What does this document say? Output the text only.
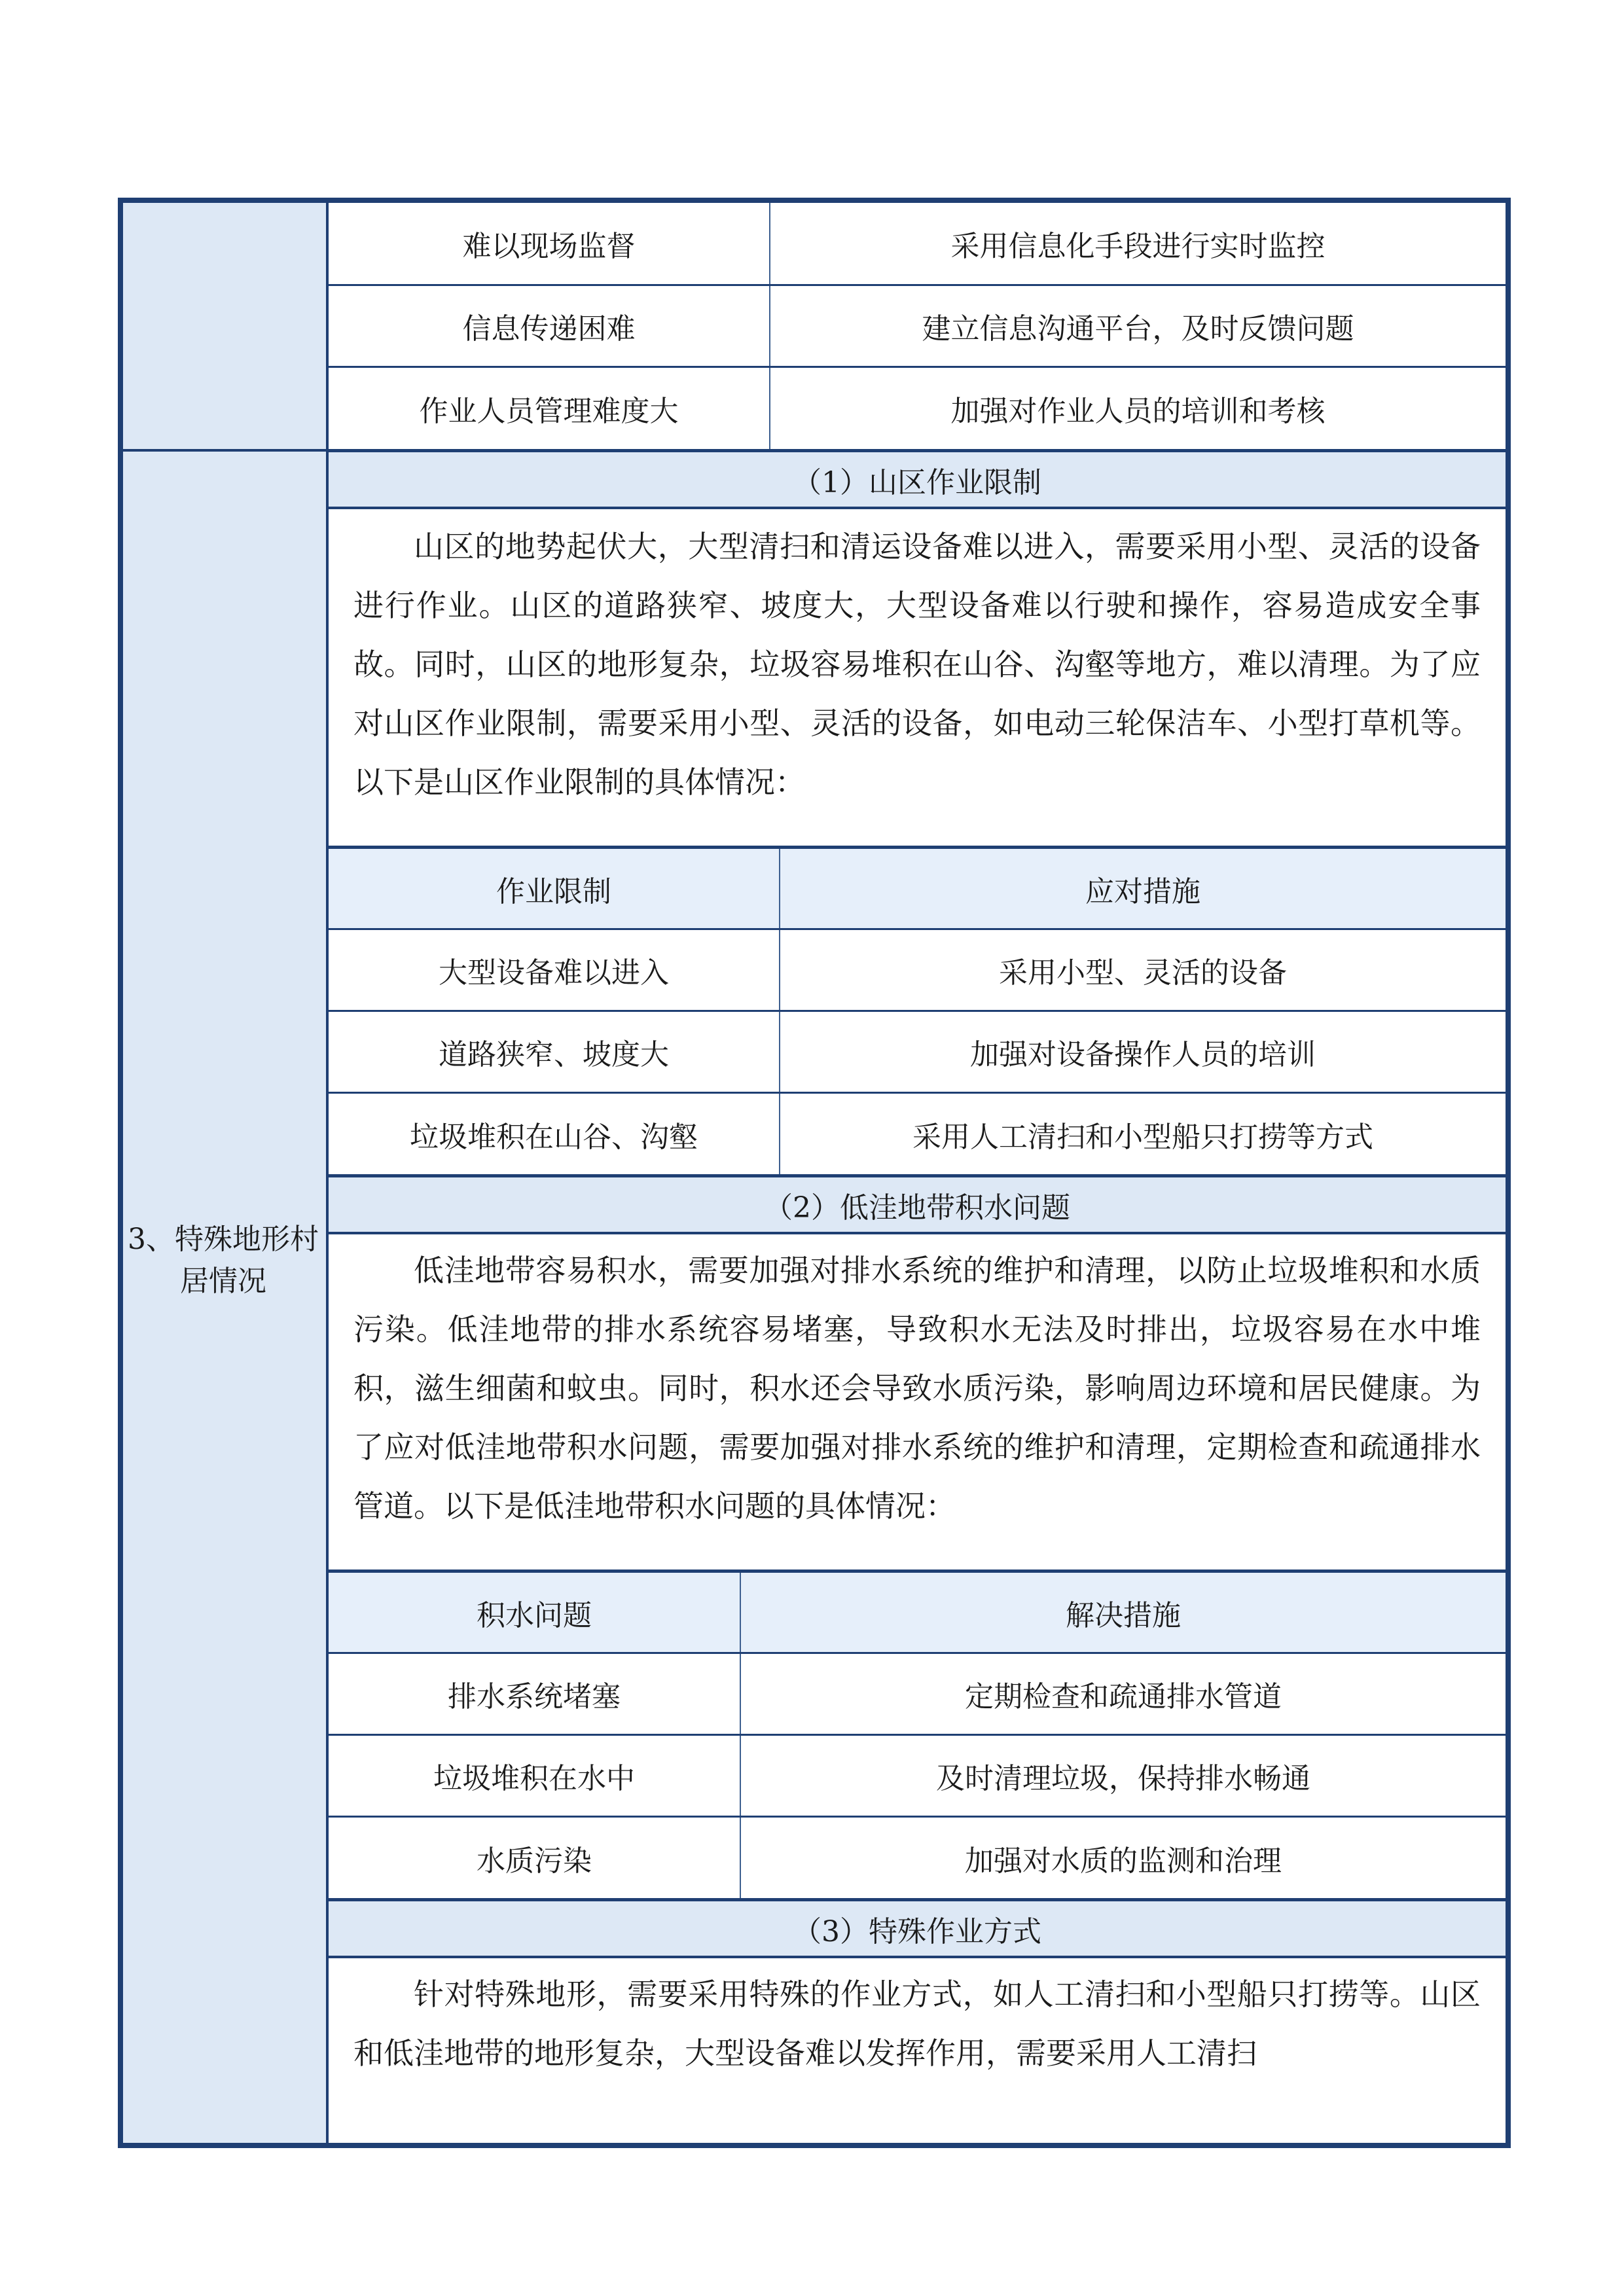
3、特殊地形村居情况
难以现场监督	采用信息化手段进行实时监控
信息传递困难	建立信息沟通平台，及时反馈问题
作业人员管理难度大	加强对作业人员的培训和考核
（1）山区作业限制
山区的地势起伏大，大型清扫和清运设备难以进入，需要采用小型、灵活的设备进行作业。山区的道路狭窄、坡度大，大型设备难以行驶和操作，容易造成安全事故。同时，山区的地形复杂，垃圾容易堆积在山谷、沟壑等地方，难以清理。为了应对山区作业限制，需要采用小型、灵活的设备，如电动三轮保洁车、小型打草机等。以下是山区作业限制的具体情况：
作业限制	应对措施
大型设备难以进入	采用小型、灵活的设备
道路狭窄、坡度大	加强对设备操作人员的培训
垃圾堆积在山谷、沟壑	采用人工清扫和小型船只打捞等方式
（2）低洼地带积水问题
低洼地带容易积水，需要加强对排水系统的维护和清理，以防止垃圾堆积和水质污染。低洼地带的排水系统容易堵塞，导致积水无法及时排出，垃圾容易在水中堆积，滋生细菌和蚊虫。同时，积水还会导致水质污染，影响周边环境和居民健康。为了应对低洼地带积水问题，需要加强对排水系统的维护和清理，定期检查和疏通排水管道。以下是低洼地带积水问题的具体情况：
积水问题	解决措施
排水系统堵塞	定期检查和疏通排水管道
垃圾堆积在水中	及时清理垃圾，保持排水畅通
水质污染	加强对水质的监测和治理
（3）特殊作业方式
针对特殊地形，需要采用特殊的作业方式，如人工清扫和小型船只打捞等。山区和低洼地带的地形复杂，大型设备难以发挥作用，需要采用人工清扫
